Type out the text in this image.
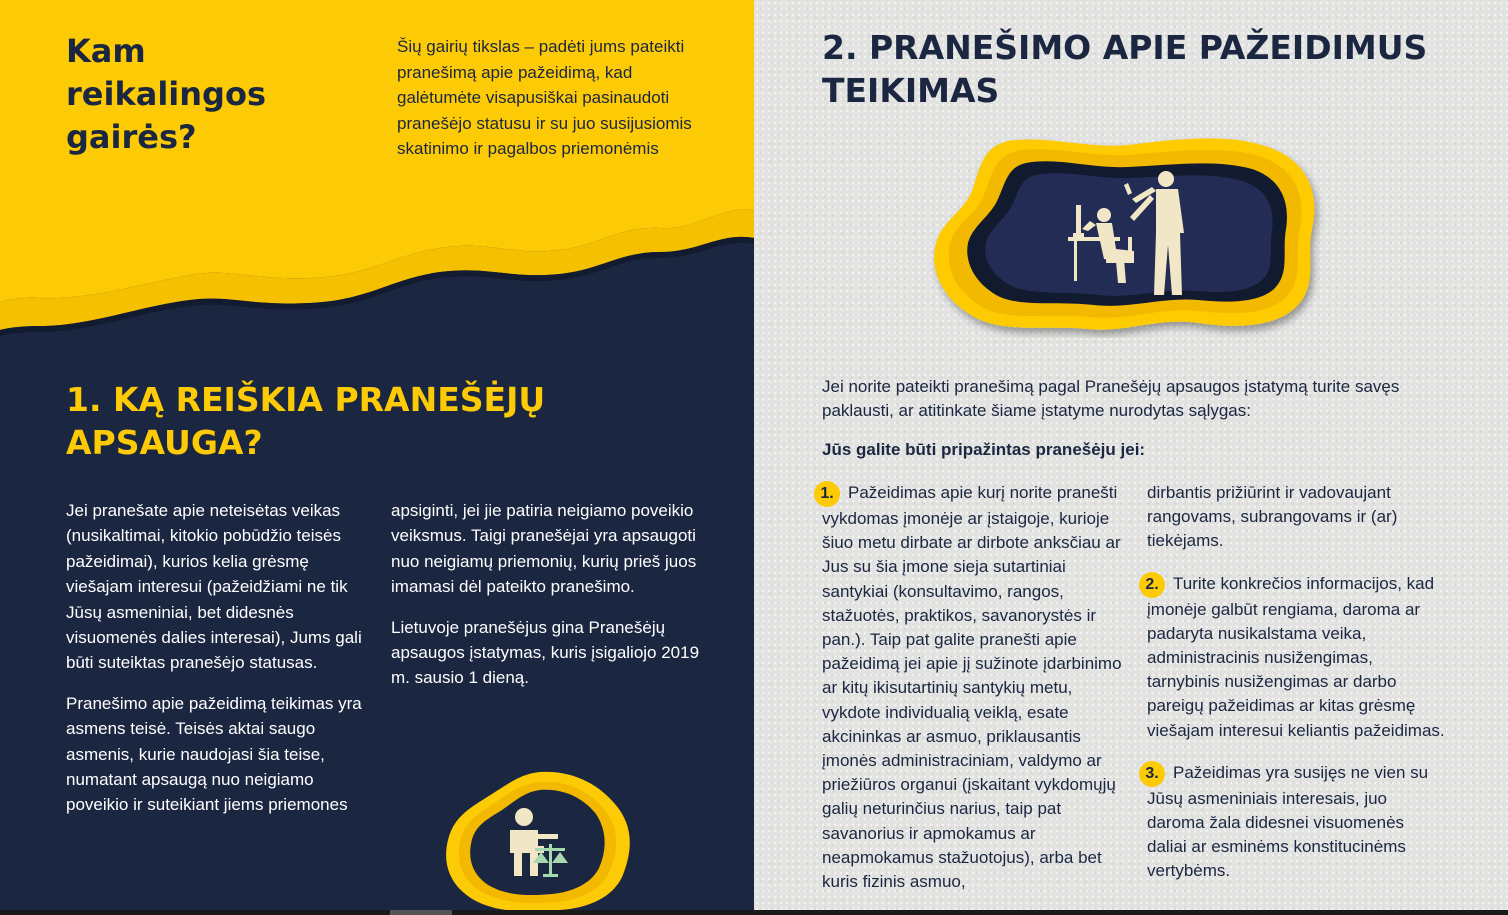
Kam reikalingos gairės?

Šių gairių tikslas – padėti jums pateikti pranešimą apie pažeidimą, kad galėtumėte visapusiškai pasinaudoti pranešėjo statusu ir su juo susijusiomis skatinimo ir pagalbos priemonėmis

1. KĄ REIŠKIA PRANEŠĖJŲ APSAUGA?

Jei pranešate apie neteisėtas veikas (nusikaltimai, kitokio pobūdžio teisės pažeidimai), kurios kelia grėsmę viešajam interesui (pažeidžiami ne tik Jūsų asmeniniai, bet didesnės visuomenės dalies interesai), Jums gali būti suteiktas pranešėjo statusas.

Pranešimo apie pažeidimą teikimas yra asmens teisė. Teisės aktai saugo asmenis, kurie naudojasi šia teise, numatant apsaugą nuo neigiamo poveikio ir suteikiant jiems priemones

apsiginti, jei jie patiria neigiamo poveikio veiksmus. Taigi pranešėjai yra apsaugoti nuo neigiamų priemonių, kurių prieš juos imamasi dėl pateikto pranešimo.

Lietuvoje pranešėjus gina Pranešėjų apsaugos įstatymas, kuris įsigaliojo 2019 m. sausio 1 dieną.

2. PRANEŠIMO APIE PAŽEIDIMUS TEIKIMAS

Jei norite pateikti pranešimą pagal Pranešėjų apsaugos įstatymą turite savęs paklausti, ar atitinkate šiame įstatyme nurodytas sąlygas:

Jūs galite būti pripažintas pranešėju jei:

1. Pažeidimas apie kurį norite pranešti vykdomas įmonėje ar įstaigoje, kurioje šiuo metu dirbate ar dirbote anksčiau ar Jus su šia įmone sieja sutartiniai santykiai (konsultavimo, rangos, stažuotės, praktikos, savanorystės ir pan.). Taip pat galite pranešti apie pažeidimą jei apie jį sužinote įdarbinimo ar kitų ikisutartinių santykių metu, vykdote individualią veiklą, esate akcininkas ar asmuo, priklausantis įmonės administraciniam, valdymo ar priežiūros organui (įskaitant vykdomųjų galių neturinčius narius, taip pat savanorius ir apmokamus ar neapmokamus stažuotojus), arba bet kuris fizinis asmuo,

dirbantis prižiūrint ir vadovaujant rangovams, subrangovams ir (ar) tiekėjams.

2. Turite konkrečios informacijos, kad įmonėje galbūt rengiama, daroma ar padaryta nusikalstama veika, administracinis nusižengimas, tarnybinis nusižengimas ar darbo pareigų pažeidimas ar kitas grėsmę viešajam interesui keliantis pažeidimas.

3. Pažeidimas yra susijęs ne vien su Jūsų asmeniniais interesais, juo daroma žala didesnei visuomenės daliai ar esminėms konstitucinėms vertybėms.
